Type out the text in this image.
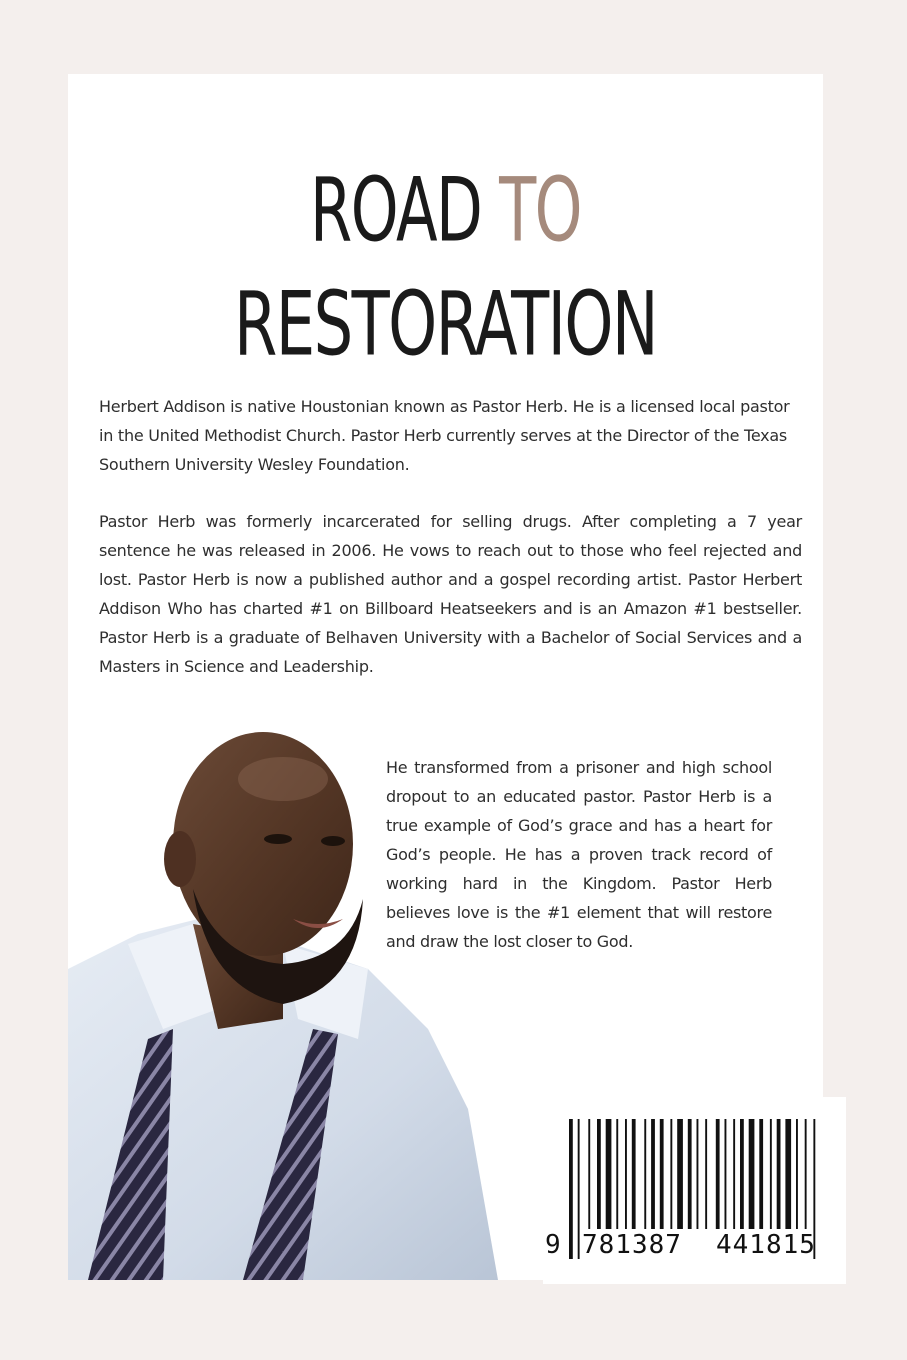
ROAD TO
RESTORATION
Herbert Addison is native Houstonian known as Pastor Herb. He is a licensed local pastor in the United Methodist Church. Pastor Herb currently serves at the Director of the Texas Southern University Wesley Foundation.
Pastor Herb was formerly incarcerated for selling drugs. After completing a 7 year sentence he was released in 2006. He vows to reach out to those who feel rejected and lost. Pastor Herb is now a published author and a gospel recording artist. Pastor Herbert Addison Who has charted #1 on Billboard Heatseekers and is an Amazon #1 bestseller. Pastor Herb is a graduate of Belhaven University with a Bachelor of Social Services and a Masters in Science and Leadership.
He transformed from a prisoner and high school dropout to an educated pastor. Pastor Herb is a true example of God’s grace and has a heart for God’s people. He has a proven track record of working hard in the Kingdom. Pastor Herb believes love is the #1 element that will restore and draw the lost closer to God.
9 781387 441815
